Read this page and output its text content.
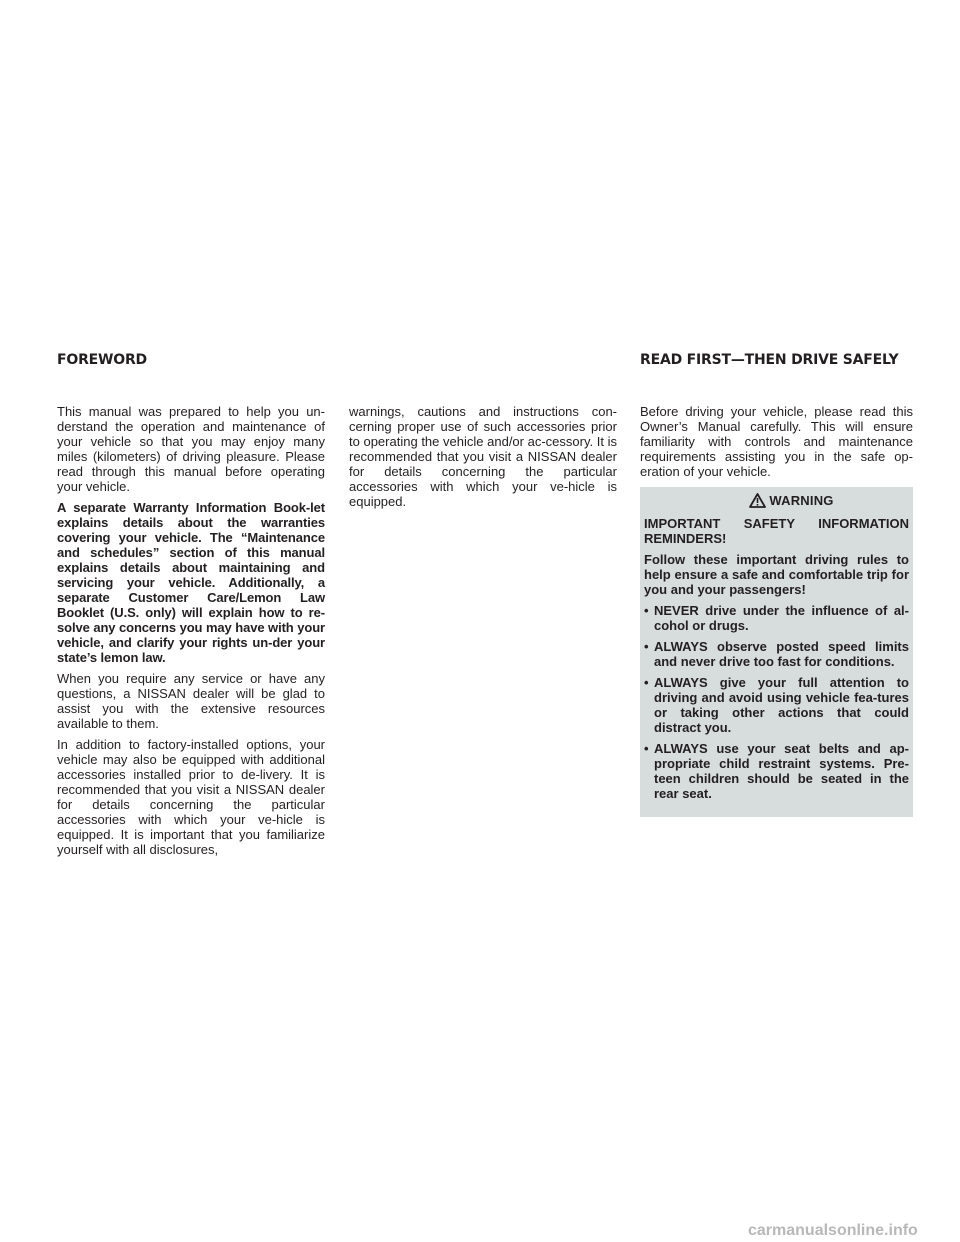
FOREWORD	READ FIRST—THEN DRIVE SAFELY

This manual was prepared to help you un-derstand the operation and maintenance of your vehicle so that you may enjoy many miles (kilometers) of driving pleasure. Please read through this manual before operating your vehicle.

A separate Warranty Information Book-let explains details about the warranties covering your vehicle. The “Maintenance and schedules” section of this manual explains details about maintaining and servicing your vehicle. Additionally, a separate Customer Care/Lemon Law Booklet (U.S. only) will explain how to re-solve any concerns you may have with your vehicle, and clarify your rights un-der your state’s lemon law.

When you require any service or have any questions, a NISSAN dealer will be glad to assist you with the extensive resources available to them.

In addition to factory-installed options, your vehicle may also be equipped with additional accessories installed prior to de-livery. It is recommended that you visit a NISSAN dealer for details concerning the particular accessories with which your ve-hicle is equipped. It is important that you familiarize yourself with all disclosures,

warnings, cautions and instructions con-cerning proper use of such accessories prior to operating the vehicle and/or ac-cessory. It is recommended that you visit a NISSAN dealer for details concerning the particular accessories with which your ve-hicle is equipped.

Before driving your vehicle, please read this Owner’s Manual carefully. This will ensure familiarity with controls and maintenance requirements assisting you in the safe op-eration of your vehicle.

WARNING

IMPORTANT SAFETY INFORMATION REMINDERS!

Follow these important driving rules to help ensure a safe and comfortable trip for you and your passengers!

• NEVER drive under the influence of al-cohol or drugs.
• ALWAYS observe posted speed limits and never drive too fast for conditions.
• ALWAYS give your full attention to driving and avoid using vehicle fea-tures or taking other actions that could distract you.
• ALWAYS use your seat belts and ap-propriate child restraint systems. Pre-teen children should be seated in the rear seat.
carmanualsonline.info
